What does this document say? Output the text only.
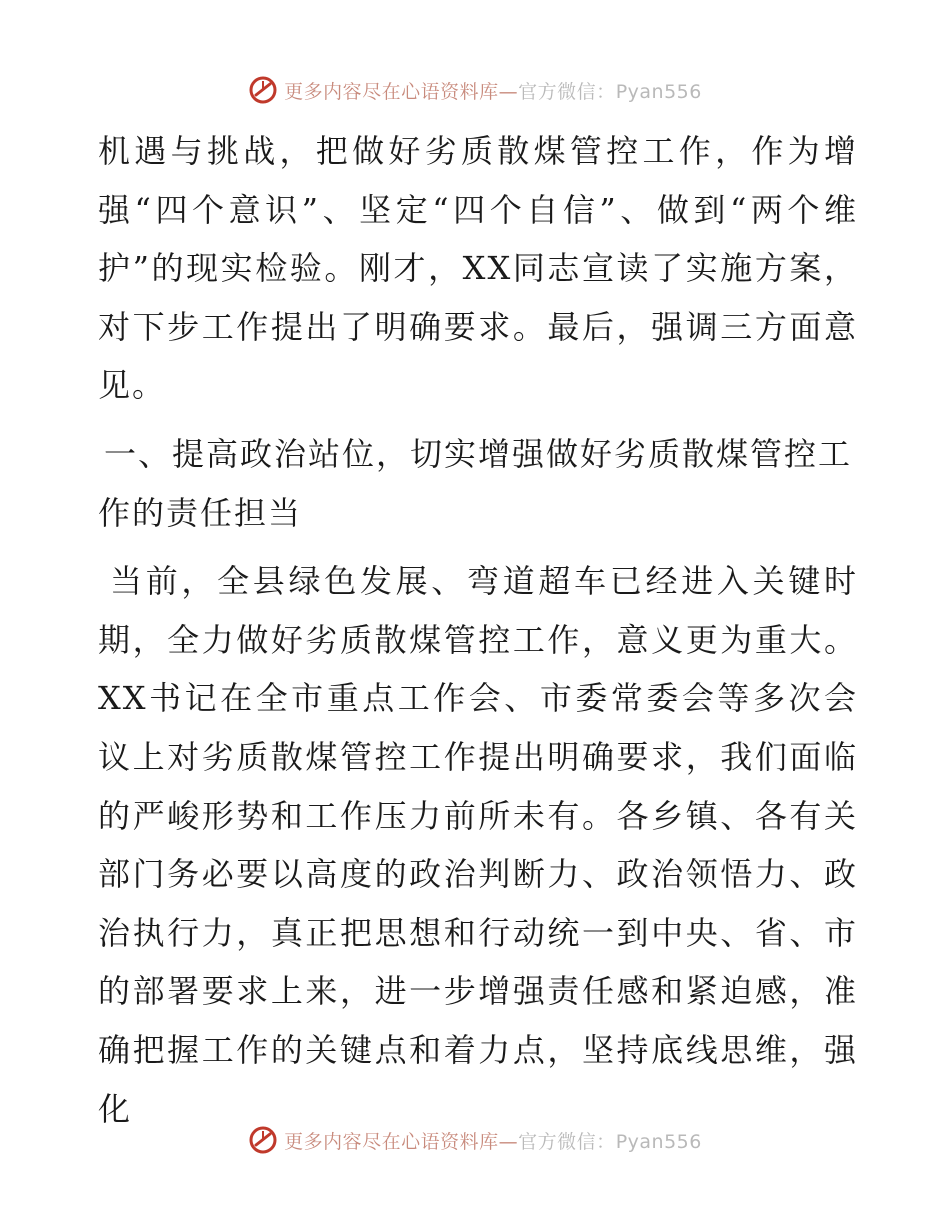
更多内容尽在心语资料库—官方微信：Pyan556

机遇与挑战，把做好劣质散煤管控工作，作为增强“四个意识”、坚定“四个自信”、做到“两个维护”的现实检验。刚才，XX同志宣读了实施方案，对下步工作提出了明确要求。最后，强调三方面意见。

一、提高政治站位，切实增强做好劣质散煤管控工作的责任担当

当前，全县绿色发展、弯道超车已经进入关键时期，全力做好劣质散煤管控工作，意义更为重大。XX书记在全市重点工作会、市委常委会等多次会议上对劣质散煤管控工作提出明确要求，我们面临的严峻形势和工作压力前所未有。各乡镇、各有关部门务必要以高度的政治判断力、政治领悟力、政治执行力，真正把思想和行动统一到中央、省、市的部署要求上来，进一步增强责任感和紧迫感，准确把握工作的关键点和着力点，坚持底线思维，强化

更多内容尽在心语资料库—官方微信：Pyan556
